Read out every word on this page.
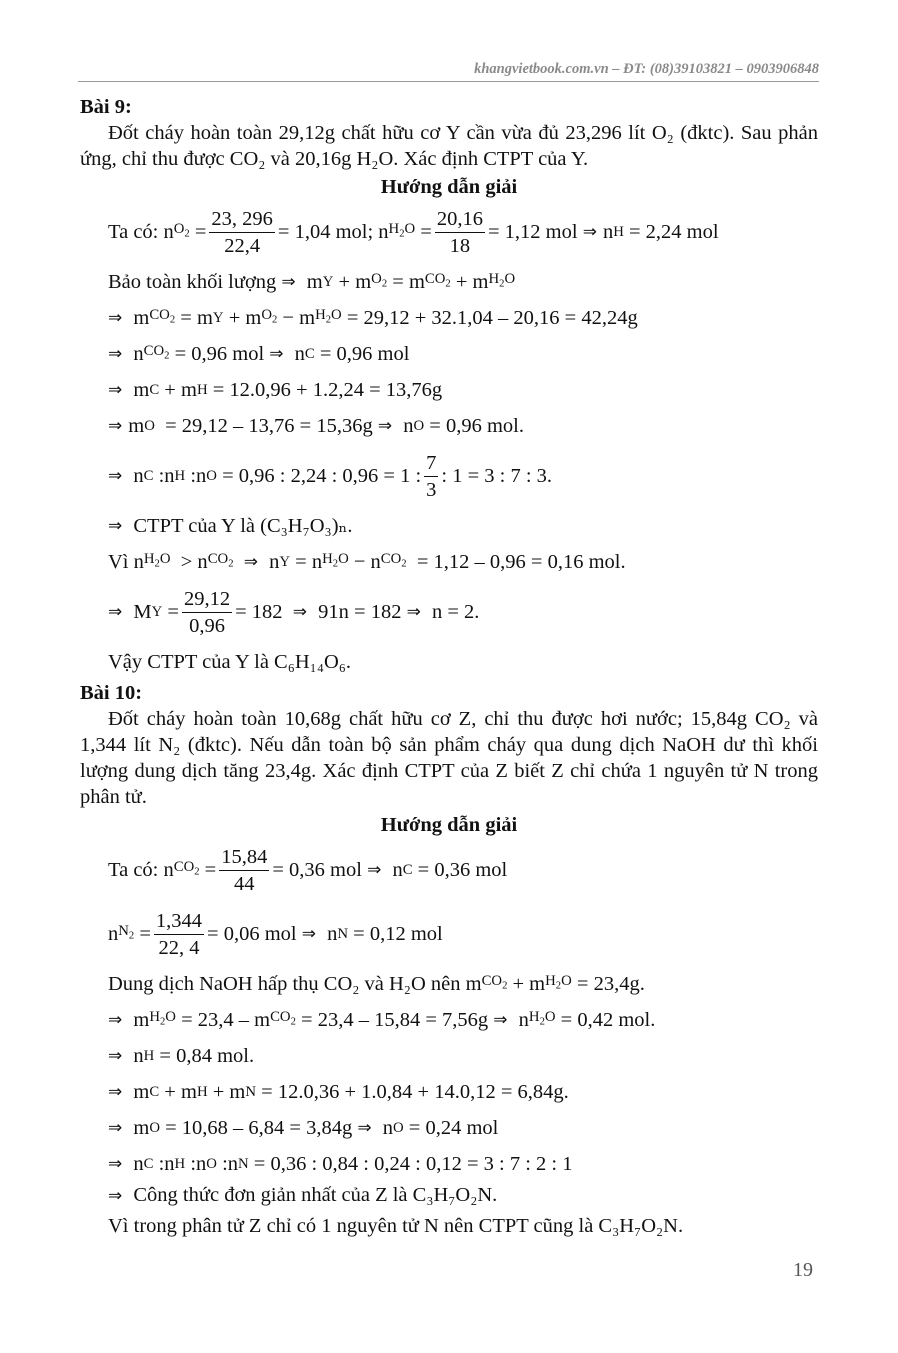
khangvietbook.com.vn – ĐT: (08)39103821 – 0903906848

Bài 9:

Đốt cháy hoàn toàn 29,12g chất hữu cơ Y cần vừa đủ 23,296 lít O₂ (đktc). Sau phản ứng, chỉ thu được CO₂ và 20,16g H₂O. Xác định CTPT của Y.

Hướng dẫn giải

Ta có: n $O_2 = \frac{23, 296}{22,4} = 1,04$ mol; n $H_2O = \frac{20,16}{18} = 1,12$ mol
⇒ n H
= 2,24 mol
Bảo toàn khối lượng
⇒ m Y + m $O_2 = m$ $CO_2 + m$ $H_2O$
⇒ m $CO_2 = m$ Y + m $O_2 - m$ $H_2O$
= 29,12 + 32.1,04 – 20,16 = 42,24g
⇒ n $CO_2$
= 0,96 mol
⇒ n C
= 0,96 mol
⇒ m C + m H
= 12.0,96 + 1.2,24 = 13,76g
⇒ m O
= 29,12 – 13,76 = 15,36g
⇒ n O
= 0,96 mol.
⇒ n C :n H :n O
= 0,96 : 2,24 : 0,96 = 1 : $\frac{7}{3}$ : 1 = 3 : 7 : 3.
⇒
CTPT của Y là (C₃H₇O₃)ₙ.
Vì n $H_2O > n$ $CO_2$
⇒ n Y = n $H_2O - n$ $CO_2$
= 1,12 – 0,96 = 0,16 mol.
⇒ M $Y = \frac{29,12}{0,96} = 182$
⇒
91n = 182
⇒
n = 2.
Vậy CTPT của Y là C₆H₁₄O₆.

Bài 10:

Đốt cháy hoàn toàn 10,68g chất hữu cơ Z, chỉ thu được hơi nước; 15,84g CO₂ và 1,344 lít N₂ (đktc). Nếu dẫn toàn bộ sản phẩm cháy qua dung dịch NaOH dư thì khối lượng dung dịch tăng 23,4g. Xác định CTPT của Z biết Z chỉ chứa 1 nguyên tử N trong phân tử.

Hướng dẫn giải

Ta có: n $CO_2 = \frac{15,84}{44} = 0,36$ mol
⇒ n C
= 0,36 mol
n $N_2 = \frac{1,344}{22, 4} = 0,06$ mol
⇒ n N
= 0,12 mol
Dung dịch NaOH hấp thụ CO₂ và H₂O nên m $CO_2 + m$ $H_2O$
= 23,4g.
⇒ m $H_2O$
= 23,4 – m $CO_2$
= 23,4 – 15,84 = 7,56g
⇒ n $H_2O$
= 0,42 mol.
⇒ n H
= 0,84 mol.
⇒ m C + m H + m N
= 12.0,36 + 1.0,84 + 14.0,12 = 6,84g.
⇒ m O
= 10,68 – 6,84 = 3,84g
⇒ n O
= 0,24 mol
⇒ n C :n H :n O :n N
= 0,36 : 0,84 : 0,24 : 0,12 = 3 : 7 : 2 : 1
⇒ Công thức đơn giản nhất của Z là C₃H₇O₂N.
Vì trong phân tử Z chỉ có 1 nguyên tử N nên CTPT cũng là C₃H₇O₂N.
19
